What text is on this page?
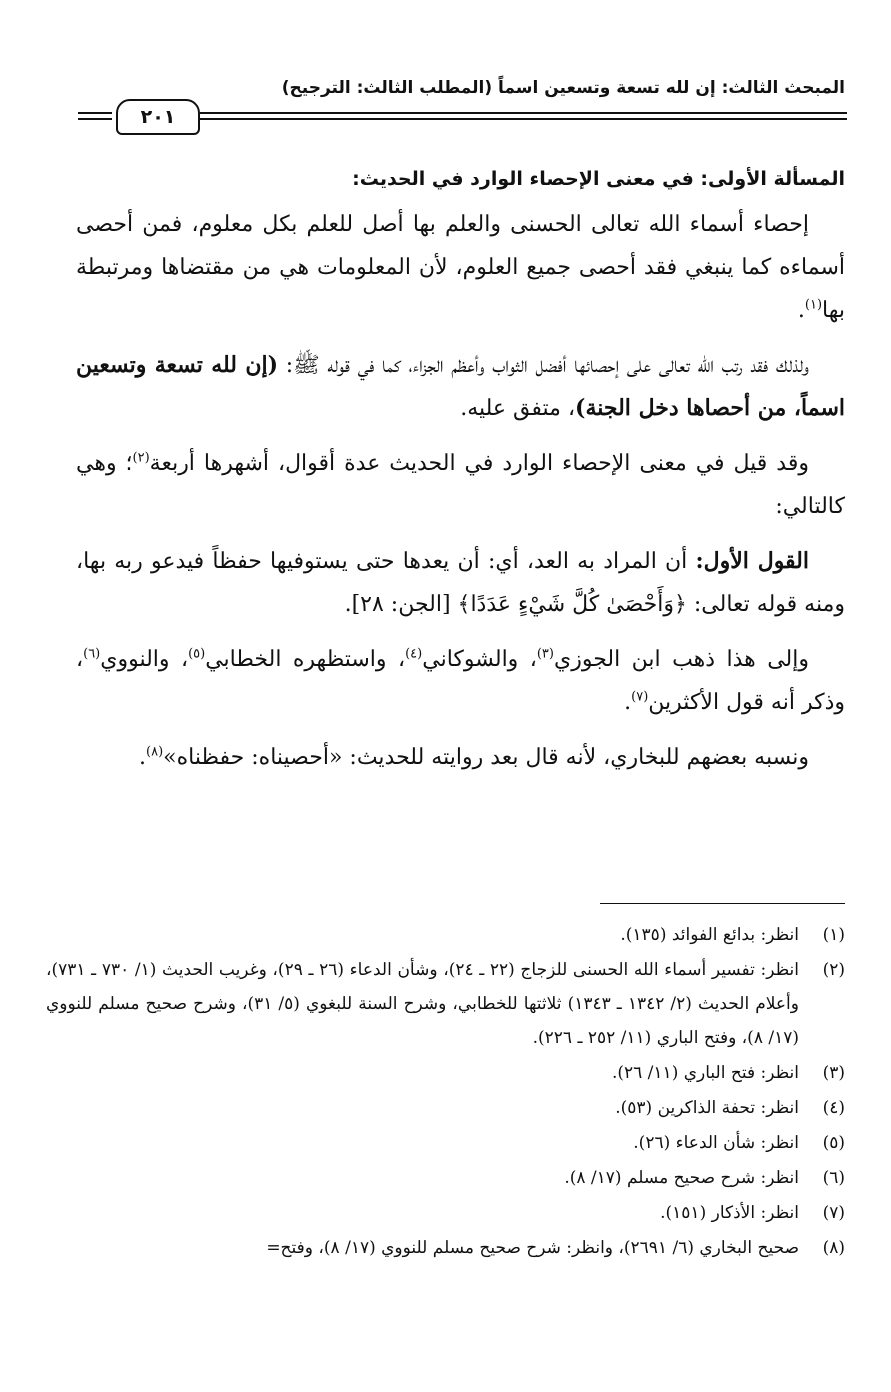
المبحث الثالث: إن لله تسعة وتسعين اسماً (المطلب الثالث: الترجيح)
٢٠١

المسألة الأولى: في معنى الإحصاء الوارد في الحديث:

إحصاء أسماء الله تعالى الحسنى والعلم بها أصل للعلم بكل معلوم، فمن أحصى أسماءه كما ينبغي فقد أحصى جميع العلوم، لأن المعلومات هي من مقتضاها ومرتبطة بها$^{(١)}$.

ولذلك فقد رتب الله تعالى على إحصائها أفضل الثواب وأعظم الجزاء، كما في قوله ﷺ: (إن لله تسعة وتسعين اسماً، من أحصاها دخل الجنة)، متفق عليه.

وقد قيل في معنى الإحصاء الوارد في الحديث عدة أقوال، أشهرها أربعة$^{(٢)}$؛ وهي كالتالي:

القول الأول: أن المراد به العد، أي: أن يعدها حتى يستوفيها حفظاً فيدعو ربه بها، ومنه قوله تعالى: ﴿وَأَحْصَىٰ كُلَّ شَيْءٍ عَدَدًا﴾ [الجن: ٢٨].

وإلى هذا ذهب ابن الجوزي$^{(٣)}$، والشوكاني$^{(٤)}$، واستظهره الخطابي$^{(٥)}$، والنووي$^{(٦)}$، وذكر أنه قول الأكثرين$^{(٧)}$.

ونسبه بعضهم للبخاري، لأنه قال بعد روايته للحديث: «أحصيناه: حفظناه»$^{(٨)}$.

(١)
انظر: بدائع الفوائد (١٣٥).
(٢)
انظر: تفسير أسماء الله الحسنى للزجاج (٢٢ ـ ٢٤)، وشأن الدعاء (٢٦ ـ ٢٩)، وغريب الحديث (١/ ٧٣٠ ـ ٧٣١)، وأعلام الحديث (٢/ ١٣٤٢ ـ ١٣٤٣) ثلاثتها للخطابي، وشرح السنة للبغوي (٥/ ٣١)، وشرح صحيح مسلم للنووي (١٧/ ٨)، وفتح الباري (١١/ ٢٥٢ ـ ٢٢٦).
(٣)
انظر: فتح الباري (١١/ ٢٦).
(٤)
انظر: تحفة الذاكرين (٥٣).
(٥)
انظر: شأن الدعاء (٢٦).
(٦)
انظر: شرح صحيح مسلم (١٧/ ٨).
(٧)
انظر: الأذكار (١٥١).
(٨)
صحيح البخاري (٦/ ٢٦٩١)، وانظر: شرح صحيح مسلم للنووي (١٧/ ٨)، وفتح=
